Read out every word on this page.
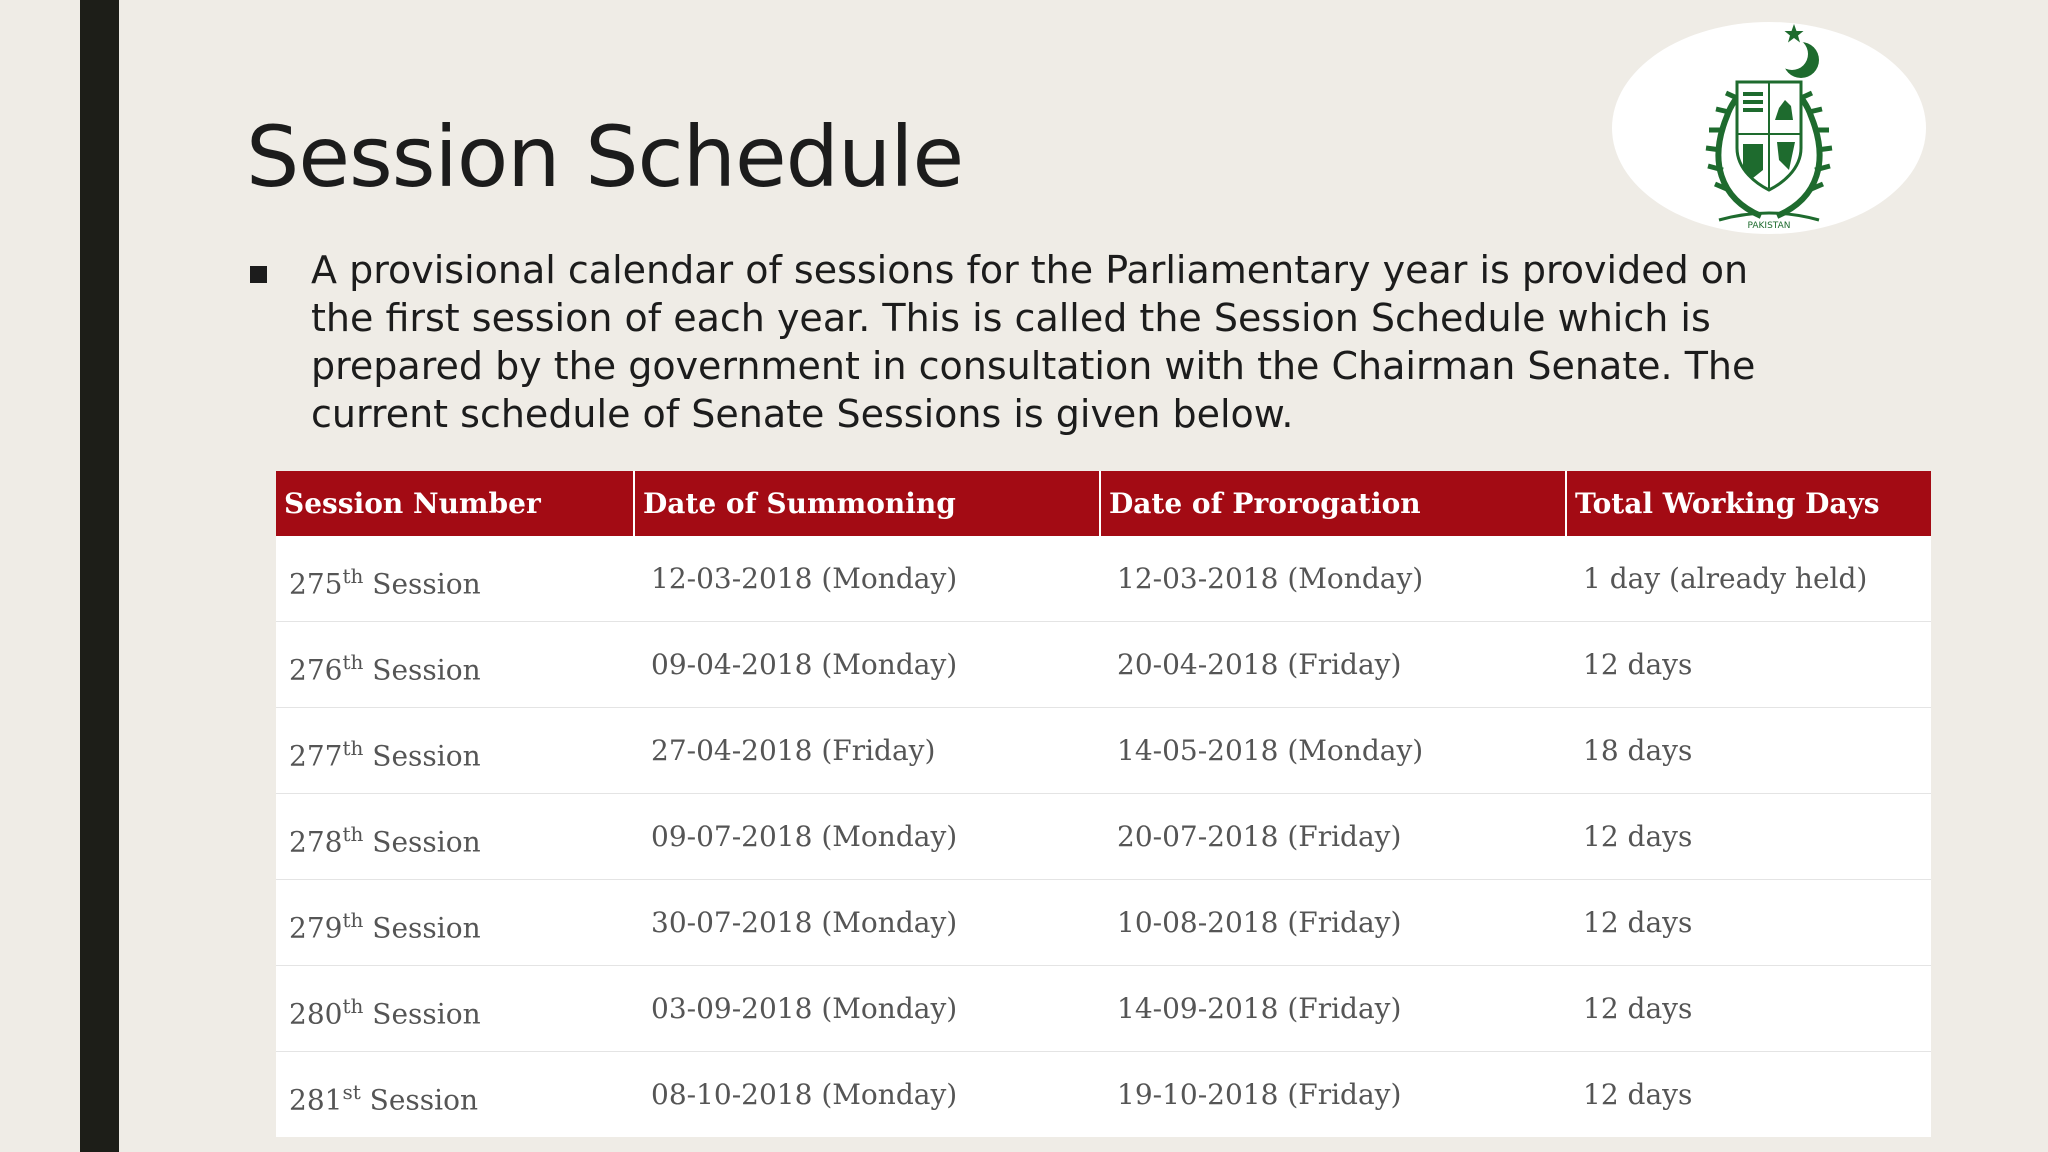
Session Schedule
PAKISTAN
A provisional calendar of sessions for the Parliamentary year is provided on the first session of each year. This is called the Session Schedule which is prepared by the government in consultation with the Chairman Senate. The current schedule of Senate Sessions is given below.
Session Number	Date of Summoning	Date of Prorogation	Total Working Days
275th Session	12-03-2018 (Monday)	12-03-2018 (Monday)	1 day (already held)
276th Session	09-04-2018 (Monday)	20-04-2018 (Friday)	12 days
277th Session	27-04-2018 (Friday)	14-05-2018 (Monday)	18 days
278th Session	09-07-2018 (Monday)	20-07-2018 (Friday)	12 days
279th Session	30-07-2018 (Monday)	10-08-2018 (Friday)	12 days
280th Session	03-09-2018 (Monday)	14-09-2018 (Friday)	12 days
281st Session	08-10-2018 (Monday)	19-10-2018 (Friday)	12 days
